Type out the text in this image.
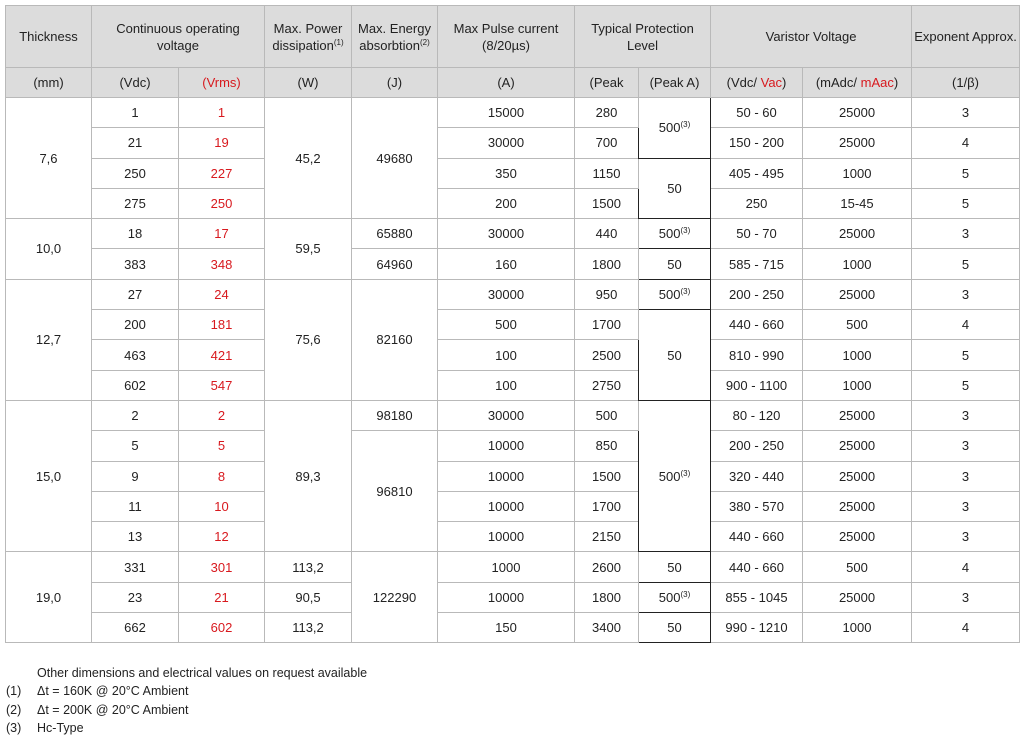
Thickness	Continuous operating voltage		Max. Power dissipation$^{(1)}$	Max. Energy absorbtion$^{(2)}$	Max Pulse current (8/20µs)	Typical Protection Level		Varistor Voltage		Exponent Approx.
(mm)	(Vdc)	(Vrms)	(W)	(J)	(A)	(Peak	(Peak A)	(Vdc/ Vac)	(mAdc/ mAac)	(1/β)
7,6	1	1	45,2	49680	15000	280	500$^{(3)}$	50 - 60	25000	3
	21	19			30000	700		150 - 200	25000	4
	250	227			350	1150	50	405 - 495	1000	5
	275	250			200	1500		250	15-45	5
10,0	18	17	59,5	65880	30000	440	500$^{(3)}$	50 - 70	25000	3
	383	348		64960	160	1800	50	585 - 715	1000	5
12,7	27	24	75,6	82160	30000	950	500$^{(3)}$	200 - 250	25000	3
	200	181			500	1700	50	440 - 660	500	4
	463	421			100	2500		810 - 990	1000	5
	602	547			100	2750		900 - 1100	1000	5
15,0	2	2	89,3	98180	30000	500	500$^{(3)}$	80 - 120	25000	3
	5	5		96810	10000	850		200 - 250	25000	3
	9	8			10000	1500		320 - 440	25000	3
	11	10			10000	1700		380 - 570	25000	3
	13	12			10000	2150		440 - 660	25000	3
19,0	331	301	113,2	122290	1000	2600	50	440 - 660	500	4
	23	21	90,5		10000	1800	500$^{(3)}$	855 - 1045	25000	3
	662	602	113,2		150	3400	50	990 - 1210	1000	4
Other dimensions and electrical values on request available
(1) Δt = 160K @ 20°C Ambient
(2) Δt = 200K @ 20°C Ambient
(3) Hc-Type
